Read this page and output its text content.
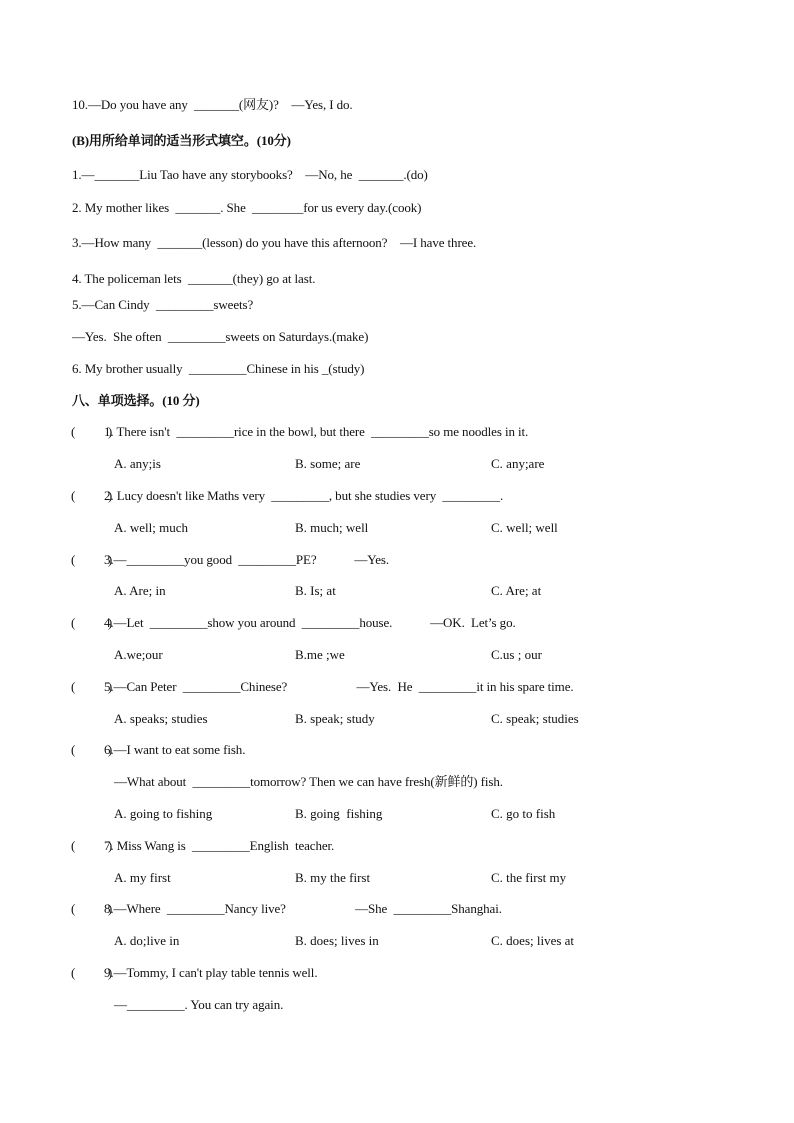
10.—Do you have any  _______(网友)?    —Yes, I do.
(B)用所给单词的适当形式填空。(10分)
1.—_______Liu Tao have any storybooks?    —No, he  _______.(do)
2. My mother likes  _______. She  ________for us every day.(cook)
3.—How many  _______(lesson) do you have this afternoon?    —I have three.
4. The policeman lets  _______(they) go at last.
5.—Can Cindy  _________sweets?
—Yes.  She often  _________sweets on Saturdays.(make)
6. My brother usually  _________Chinese in his _(study)
八、单项选择。(10 分)
(          )
1. There isn't  _________rice in the bowl, but there  _________so me noodles in it.
A. any;is	B. some; are	C. any;are
(          )
2. Lucy doesn't like Maths very  _________, but she studies very  _________.
A. well; much	B. much; well	C. well; well
(          )
3.—_________you good  _________PE?            —Yes.
A. Are; in	B. Is; at	C. Are; at
(          )
4.—Let  _________show you around  _________house.            —OK.  Let’s go.
A.we;our	B.me ;we	C.us ; our
(          )
5.—Can Peter  _________Chinese?                      —Yes.  He  _________it in his spare time.
A. speaks; studies	B. speak; study	C. speak; studies
(          )
6.—I want to eat some fish.
—What about  _________tomorrow? Then we can have fresh(新鲜的) fish.
A. going to fishing	B. going  fishing	C. go to fish
(          )
7. Miss Wang is  _________English  teacher.
A. my first	B. my the first	C. the first my
(          )
8.—Where  _________Nancy live?                      —She  _________Shanghai.
A. do;live in	B. does; lives in	C. does; lives at
(          )
9.—Tommy, I can't play table tennis well.
—_________. You can try again.
